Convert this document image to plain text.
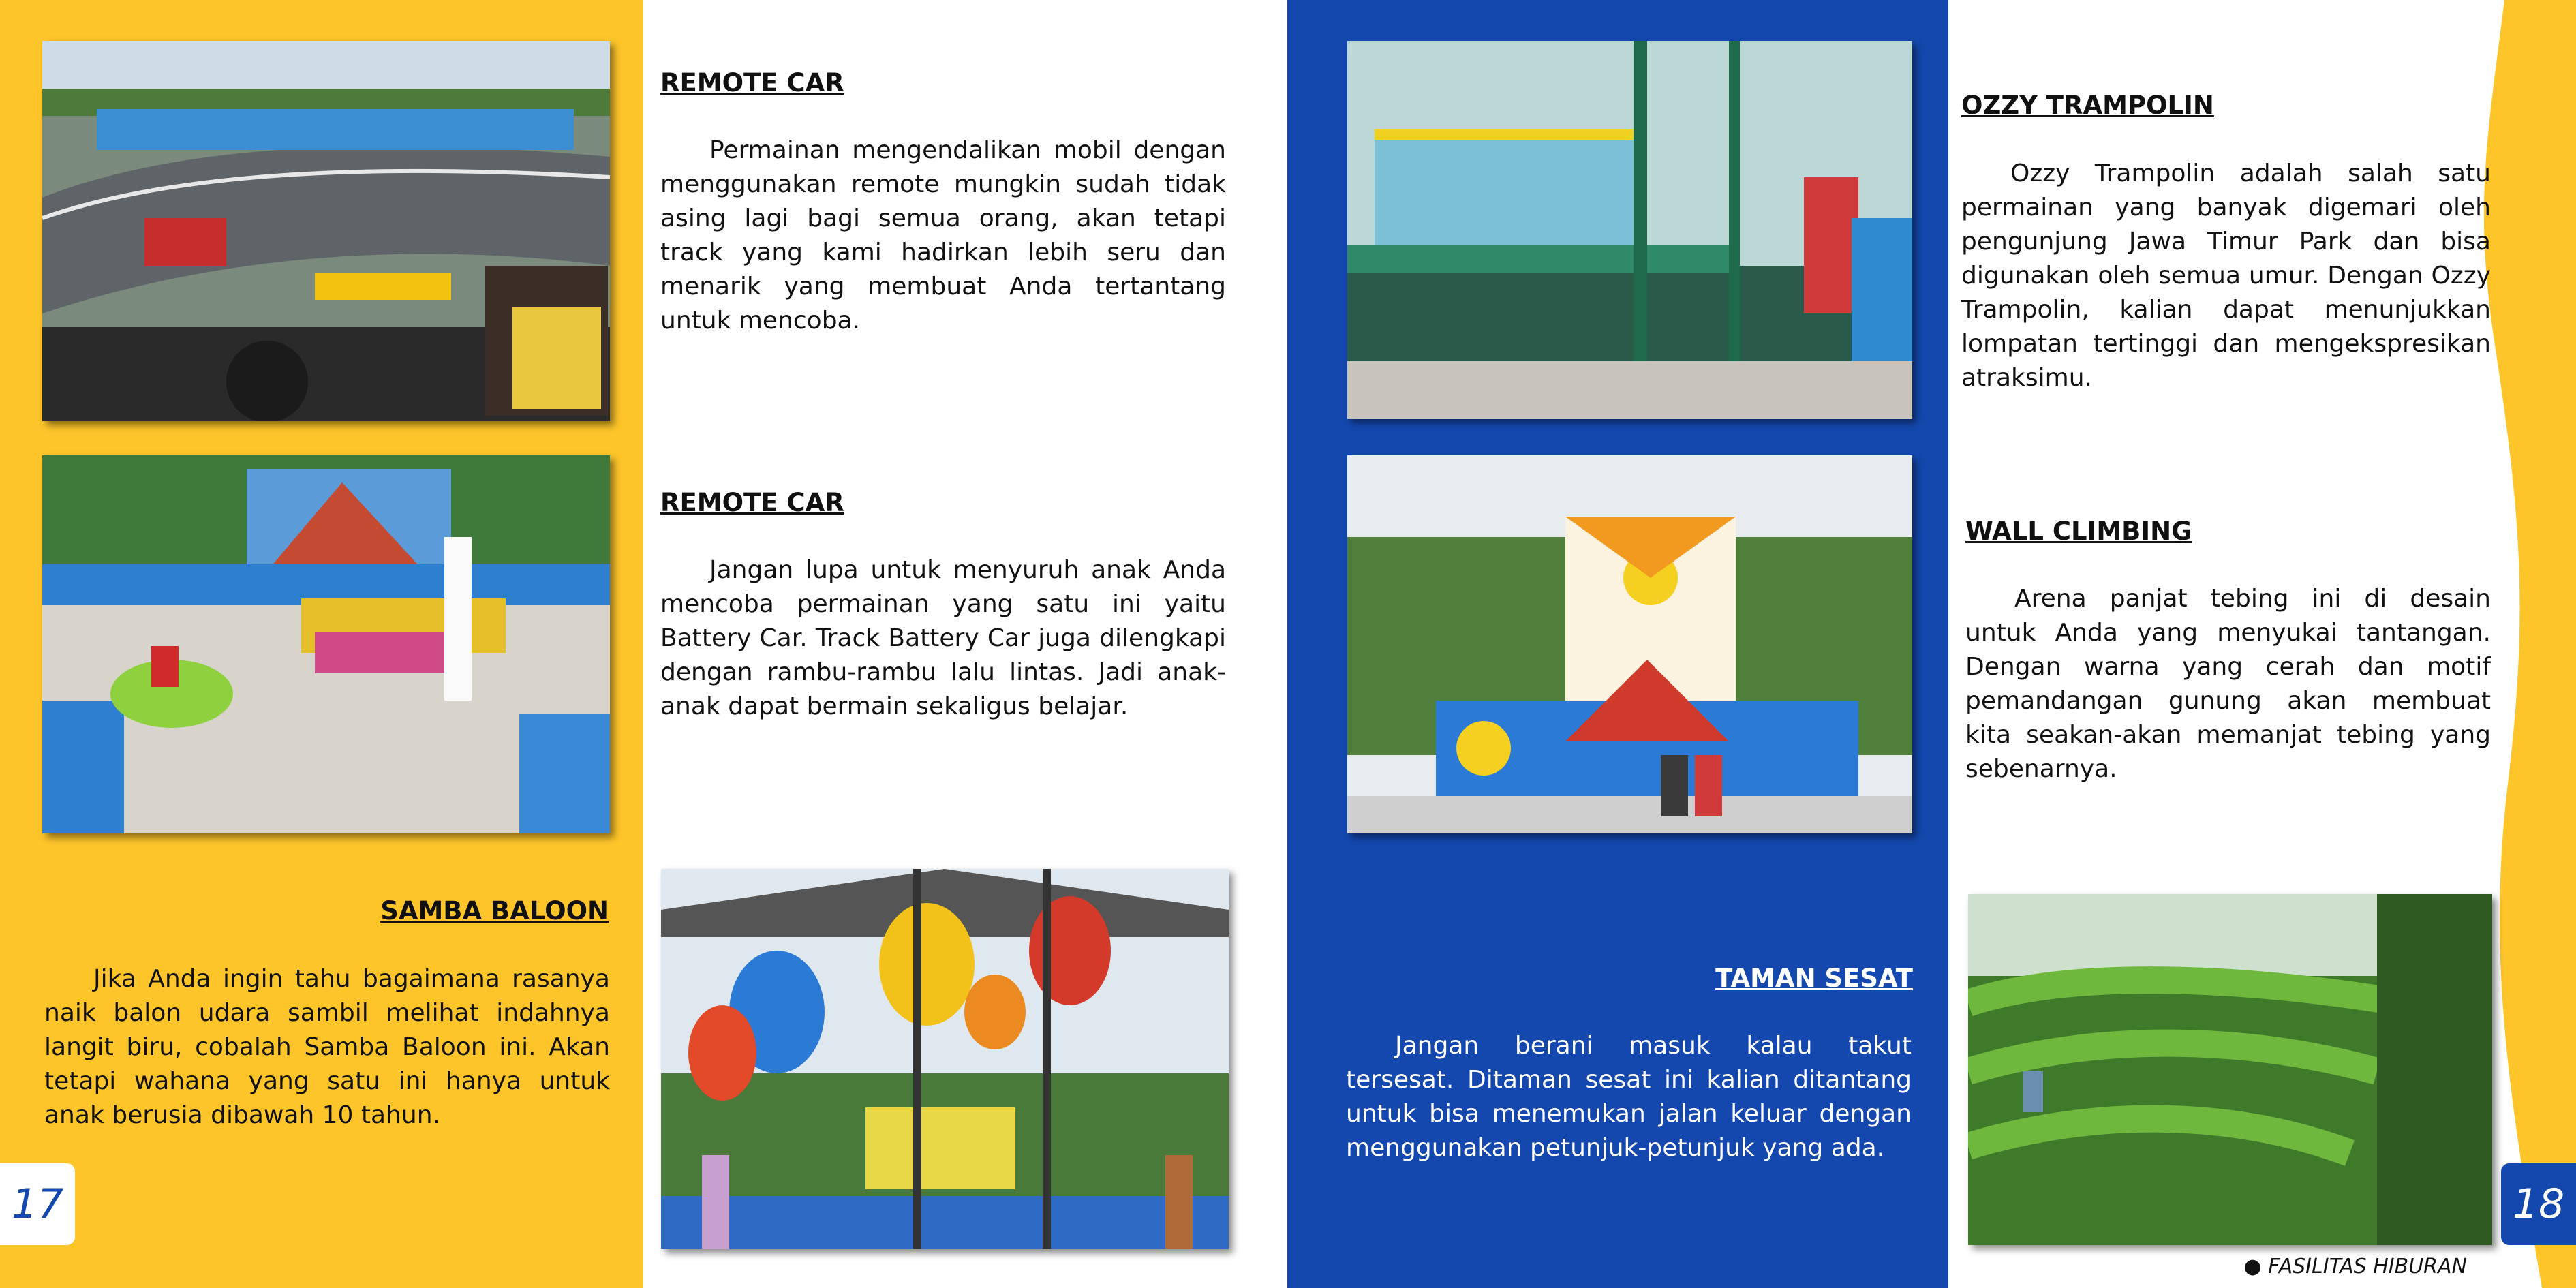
REMOTE CAR

Permainan mengendalikan mobil dengan menggunakan remote mungkin sudah tidak asing lagi bagi semua orang, akan tetapi track yang kami hadirkan lebih seru dan menarik yang membuat Anda tertantang untuk mencoba.

REMOTE CAR

Jangan lupa untuk menyuruh anak Anda mencoba permainan yang satu ini yaitu Battery Car. Track Battery Car juga dilengkapi dengan rambu-rambu lalu lintas. Jadi anak-anak dapat bermain sekaligus belajar.

SAMBA BALOON

Jika Anda ingin tahu bagaimana rasanya naik balon udara sambil melihat indahnya langit biru, cobalah Samba Baloon ini. Akan tetapi wahana yang satu ini hanya untuk anak berusia dibawah 10 tahun.

TAMAN SESAT

Jangan berani masuk kalau takut tersesat. Ditaman sesat ini kalian ditantang untuk bisa menemukan jalan keluar dengan menggunakan petunjuk-petunjuk yang ada.

OZZY TRAMPOLIN

Ozzy Trampolin adalah salah satu permainan yang banyak digemari oleh pengunjung Jawa Timur Park dan bisa digunakan oleh semua umur. Dengan Ozzy Trampolin, kalian dapat menunjukkan lompatan tertinggi dan mengekspresikan atraksimu.

WALL CLIMBING

Arena panjat tebing ini di desain untuk Anda yang menyukai tantangan. Dengan warna yang cerah dan motif pemandangan gunung akan membuat kita seakan-akan memanjat tebing yang sebenarnya.

17	18
● FASILITAS HIBURAN
